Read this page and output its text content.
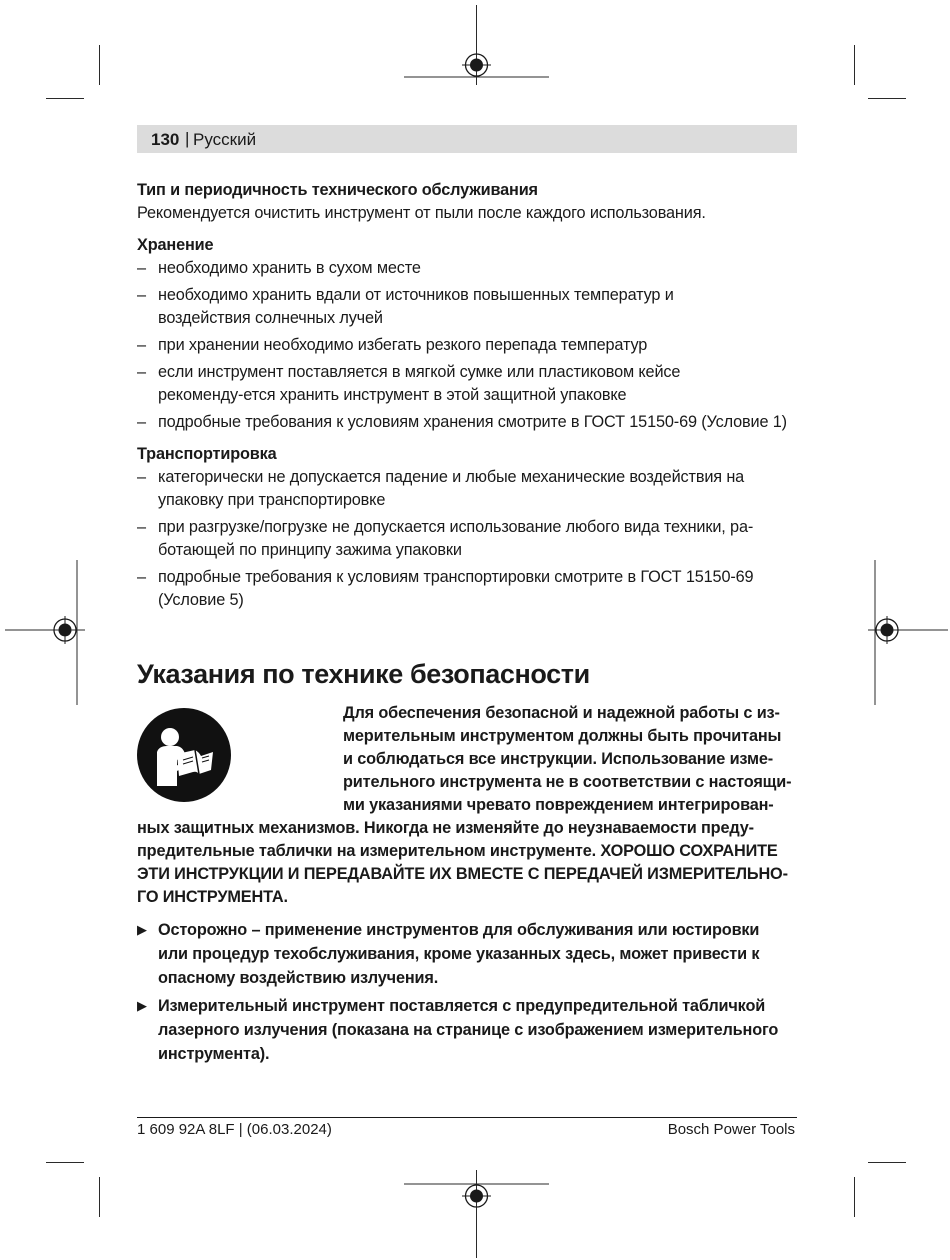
130 | Русский

Тип и периодичность технического обслуживания

Рекомендуется очистить инструмент от пыли после каждого использования.

Хранение

– необходимо хранить в сухом месте
– необходимо хранить вдали от источников повышенных температур и воздействия солнечных лучей
– при хранении необходимо избегать резкого перепада температур
– если инструмент поставляется в мягкой сумке или пластиковом кейсе рекоменду-ется хранить инструмент в этой защитной упаковке
– подробные требования к условиям хранения смотрите в ГОСТ 15150-69 (Условие 1)

Транспортировка

– категорически не допускается падение и любые механические воздействия на упаковку при транспортировке
– при разгрузке/погрузке не допускается использование любого вида техники, ра-ботающей по принципу зажима упаковки
– подробные требования к условиям транспортировки смотрите в ГОСТ 15150-69 (Условие 5)
Указания по технике безопасности
Для обеспечения безопасной и надежной работы с из-
мерительным инструментом должны быть прочитаны
и соблюдаться все инструкции. Использование изме-
рительного инструмента не в соответствии с настоящи-
ми указаниями чревато повреждением интегрирован-
ных защитных механизмов. Никогда не изменяйте до неузнаваемости преду-
предительные таблички на измерительном инструменте. ХОРОШО СОХРАНИТЕ
ЭТИ ИНСТРУКЦИИ И ПЕРЕДАВАЙТЕ ИХ ВМЕСТЕ С ПЕРЕДАЧЕЙ ИЗМЕРИТЕЛЬНО-
ГО ИНСТРУМЕНТА.
▶ Осторожно – применение инструментов для обслуживания или юстировки или процедур техобслуживания, кроме указанных здесь, может привести к опасному воздействию излучения.
▶ Измерительный инструмент поставляется с предупредительной табличкой лазерного излучения (показана на странице с изображением измерительного инструмента).
1 609 92A 8LF | (06.03.2024)	Bosch Power Tools
